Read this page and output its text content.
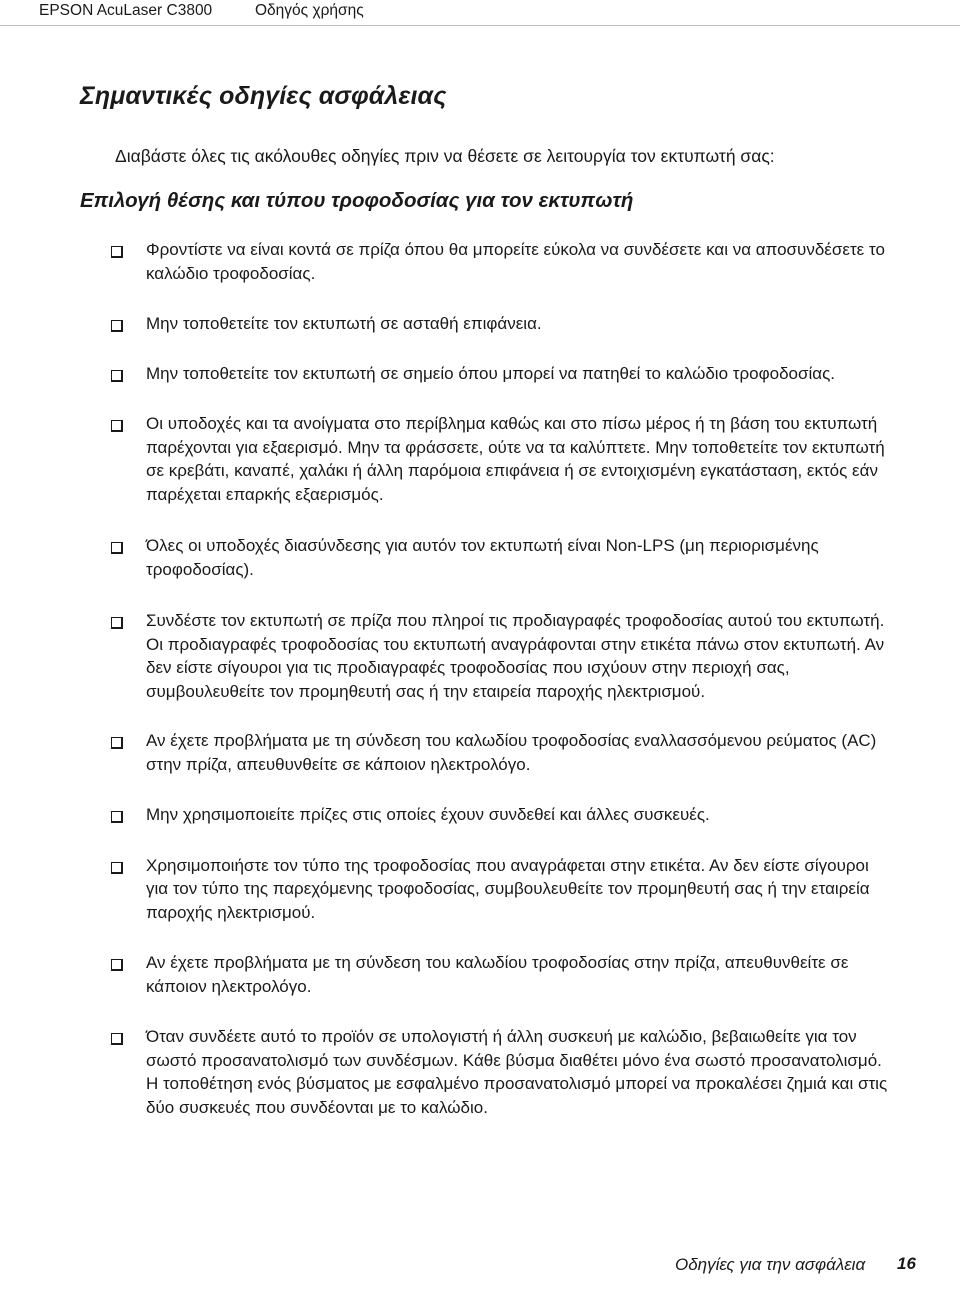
EPSON AcuLaser C3800	Οδηγός χρήσης
Σημαντικές οδηγίες ασφάλειας

Διαβάστε όλες τις ακόλουθες οδηγίες πριν να θέσετε σε λειτουργία τον εκτυπωτή σας:

Επιλογή θέσης και τύπου τροφοδοσίας για τον εκτυπωτή
Φροντίστε να είναι κοντά σε πρίζα όπου θα μπορείτε εύκολα να συνδέσετε και να αποσυνδέσετε το καλώδιο τροφοδοσίας.
Μην τοποθετείτε τον εκτυπωτή σε ασταθή επιφάνεια.
Μην τοποθετείτε τον εκτυπωτή σε σημείο όπου μπορεί να πατηθεί το καλώδιο τροφοδοσίας.
Οι υποδοχές και τα ανοίγματα στο περίβλημα καθώς και στο πίσω μέρος ή τη βάση του εκτυπωτή παρέχονται για εξαερισμό. Μην τα φράσσετε, ούτε να τα καλύπτετε. Μην τοποθετείτε τον εκτυπωτή σε κρεβάτι, καναπέ, χαλάκι ή άλλη παρόμοια επιφάνεια ή σε εντοιχισμένη εγκατάσταση, εκτός εάν παρέχεται επαρκής εξαερισμός.
Όλες οι υποδοχές διασύνδεσης για αυτόν τον εκτυπωτή είναι Non-LPS (μη περιορισμένης τροφοδοσίας).
Συνδέστε τον εκτυπωτή σε πρίζα που πληροί τις προδιαγραφές τροφοδοσίας αυτού του εκτυπωτή. Οι προδιαγραφές τροφοδοσίας του εκτυπωτή αναγράφονται στην ετικέτα πάνω στον εκτυπωτή. Αν δεν είστε σίγουροι για τις προδιαγραφές τροφοδοσίας που ισχύουν στην περιοχή σας, συμβουλευθείτε τον προμηθευτή σας ή την εταιρεία παροχής ηλεκτρισμού.
Αν έχετε προβλήματα με τη σύνδεση του καλωδίου τροφοδοσίας εναλλασσόμενου ρεύματος (AC) στην πρίζα, απευθυνθείτε σε κάποιον ηλεκτρολόγο.
Μην χρησιμοποιείτε πρίζες στις οποίες έχουν συνδεθεί και άλλες συσκευές.
Χρησιμοποιήστε τον τύπο της τροφοδοσίας που αναγράφεται στην ετικέτα. Αν δεν είστε σίγουροι για τον τύπο της παρεχόμενης τροφοδοσίας, συμβουλευθείτε τον προμηθευτή σας ή την εταιρεία παροχής ηλεκτρισμού.
Αν έχετε προβλήματα με τη σύνδεση του καλωδίου τροφοδοσίας στην πρίζα, απευθυνθείτε σε κάποιον ηλεκτρολόγο.
Όταν συνδέετε αυτό το προϊόν σε υπολογιστή ή άλλη συσκευή με καλώδιο, βεβαιωθείτε για τον σωστό προσανατολισμό των συνδέσμων. Κάθε βύσμα διαθέτει μόνο ένα σωστό προσανατολισμό. Η τοποθέτηση ενός βύσματος με εσφαλμένο προσανατολισμό μπορεί να προκαλέσει ζημιά και στις δύο συσκευές που συνδέονται με το καλώδιο.
Οδηγίες για την ασφάλεια 16
